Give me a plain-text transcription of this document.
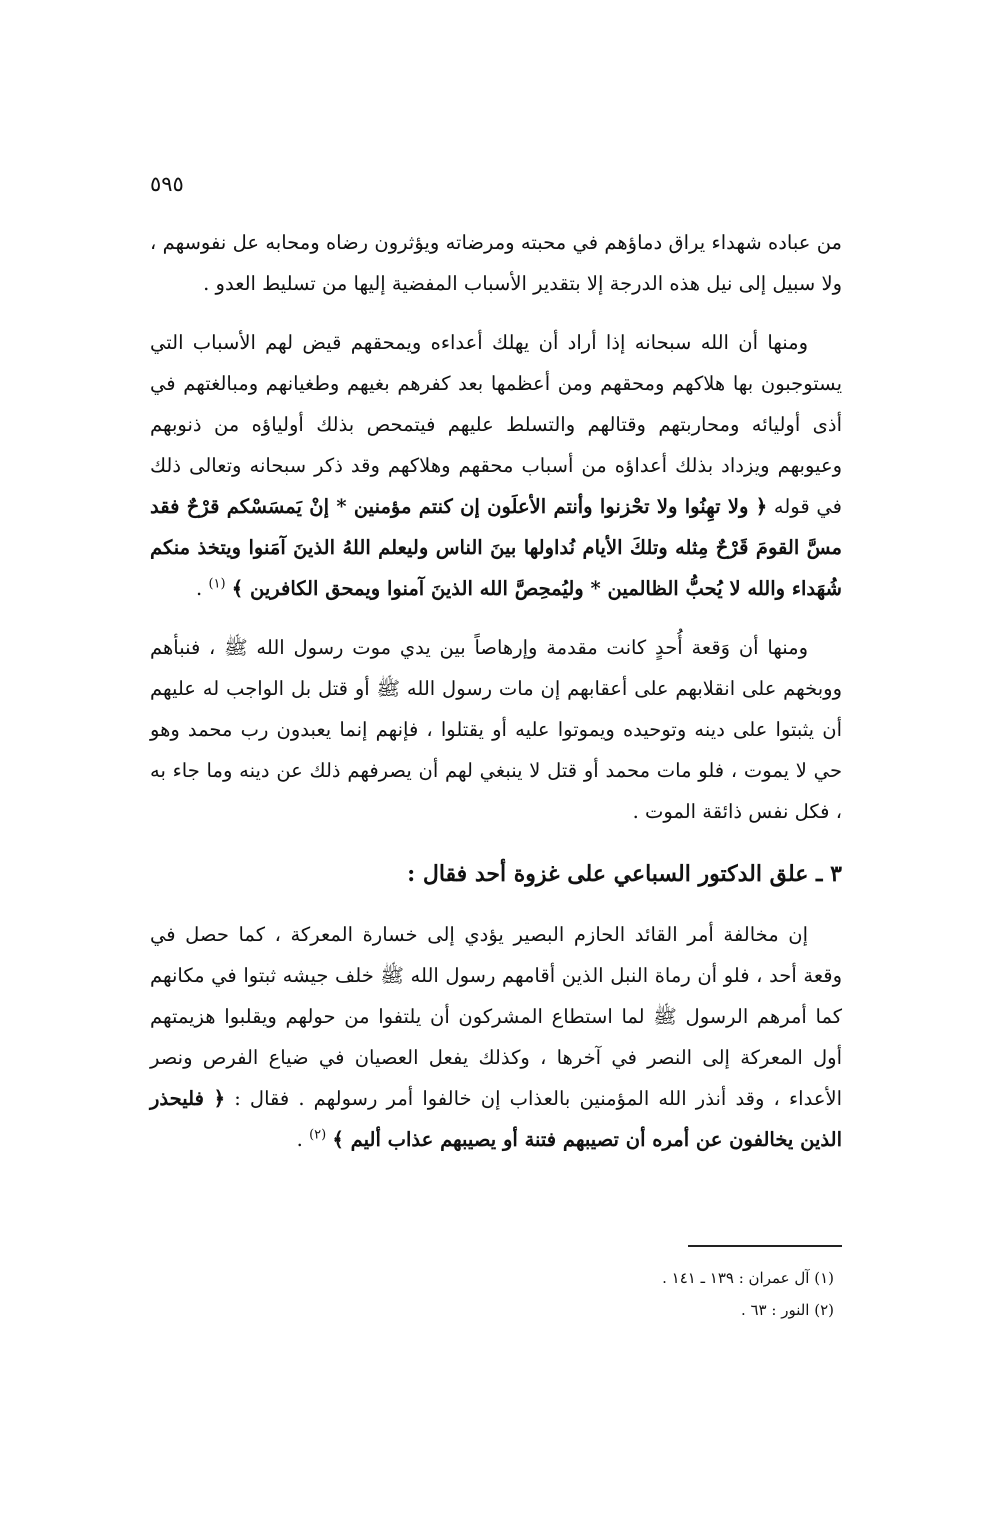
٥٩٥

من عباده شهداء يراق دماؤهم في محبته ومرضاته ويؤثرون رضاه ومحابه عل نفوسهم ، ولا سبيل إلى نيل هذه الدرجة إلا بتقدير الأسباب المفضية إليها من تسليط العدو .

ومنها أن الله سبحانه إذا أراد أن يهلك أعداءه ويمحقهم قيض لهم الأسباب التي يستوجبون بها هلاكهم ومحقهم ومن أعظمها بعد كفرهم بغيهم وطغيانهم ومبالغتهم في أذى أوليائه ومحاربتهم وقتالهم والتسلط عليهم فيتمحص بذلك أولياؤه من ذنوبهم وعيوبهم ويزداد بذلك أعداؤه من أسباب محقهم وهلاكهم وقد ذكر سبحانه وتعالى ذلك في قوله ﴿ ولا تهِنُوا ولا تحْزنوا وأنتم الأعلَون إن كنتم مؤمنين * إنْ يَمسَسْكم قرْحٌ فقد مسَّ القومَ قَرْحٌ مِثله وتلكَ الأيام نُداولها بينَ الناس وليعلم اللهُ الذينَ آمَنوا ويتخذ منكم شُهَداء والله لا يُحبُّ الظالمين * وليُمحِصَّ الله الذينَ آمنوا ويمحق الكافرين ﴾ $^{(١)}$ .

ومنها أن وَقعة أُحدٍ كانت مقدمة وإرهاصاً بين يدي موت رسول الله ﷺ ، فنبأهم ووبخهم على انقلابهم على أعقابهم إن مات رسول الله ﷺ أو قتل بل الواجب له عليهم أن يثبتوا على دينه وتوحيده ويموتوا عليه أو يقتلوا ، فإنهم إنما يعبدون رب محمد وهو حي لا يموت ، فلو مات محمد أو قتل لا ينبغي لهم أن يصرفهم ذلك عن دينه وما جاء به ، فكل نفس ذائقة الموت .

٣ ـ علق الدكتور السباعي على غزوة أحد فقال :

إن مخالفة أمر القائد الحازم البصير يؤدي إلى خسارة المعركة ، كما حصل في وقعة أحد ، فلو أن رماة النبل الذين أقامهم رسول الله ﷺ خلف جيشه ثبتوا في مكانهم كما أمرهم الرسول ﷺ لما استطاع المشركون أن يلتفوا من حولهم ويقلبوا هزيمتهم أول المعركة إلى النصر في آخرها ، وكذلك يفعل العصيان في ضياع الفرص ونصر الأعداء ، وقد أنذر الله المؤمنين بالعذاب إن خالفوا أمر رسولهم . فقال : ﴿ فليحذر الذين يخالفون عن أمره أن تصيبهم فتنة أو يصيبهم عذاب أليم ﴾ $^{(٢)}$ .

(١) آل عمران : ١٣٩ ـ ١٤١ .

(٢) النور : ٦٣ .
